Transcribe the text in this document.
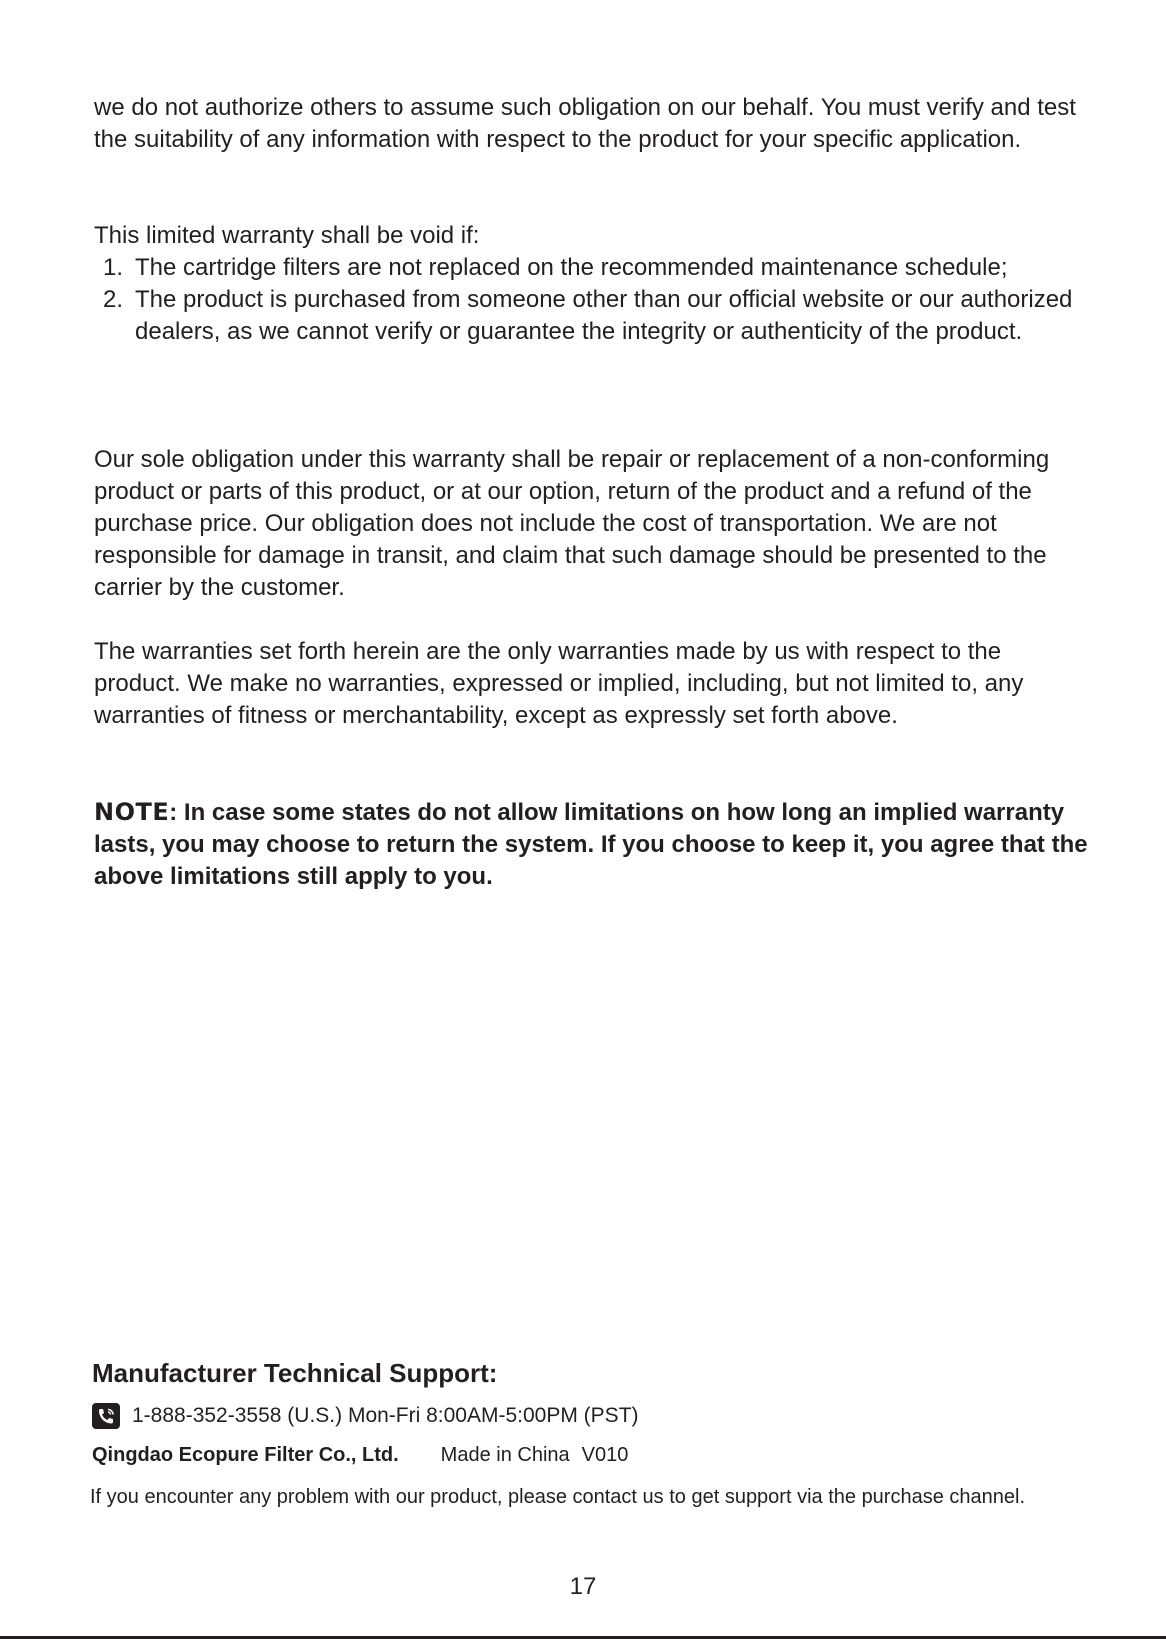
we do not authorize others to assume such obligation on our behalf. You must verify and test the suitability of any information with respect to the product for your specific application.

This limited warranty shall be void if:

1. The cartridge filters are not replaced on the recommended maintenance schedule;
2. The product is purchased from someone other than our official website or our authorized dealers, as we cannot verify or guarantee the integrity or authenticity of the product.

Our sole obligation under this warranty shall be repair or replacement of a non-conforming product or parts of this product, or at our option, return of the product and a refund of the purchase price. Our obligation does not include the cost of transportation. We are not responsible for damage in transit, and claim that such damage should be presented to the carrier by the customer.

The warranties set forth herein are the only warranties made by us with respect to the product. We make no warranties, expressed or implied, including, but not limited to, any warranties of fitness or merchantability, except as expressly set forth above.

NOTE: In case some states do not allow limitations on how long an implied warranty lasts, you may choose to return the system. If you choose to keep it, you agree that the above limitations still apply to you.

Manufacturer Technical Support:
1-888-352-3558 (U.S.) Mon-Fri 8:00AM-5:00PM (PST)
Qingdao Ecopure Filter Co., Ltd. Made in China V010
If you encounter any problem with our product, please contact us to get support via the purchase channel.
17
